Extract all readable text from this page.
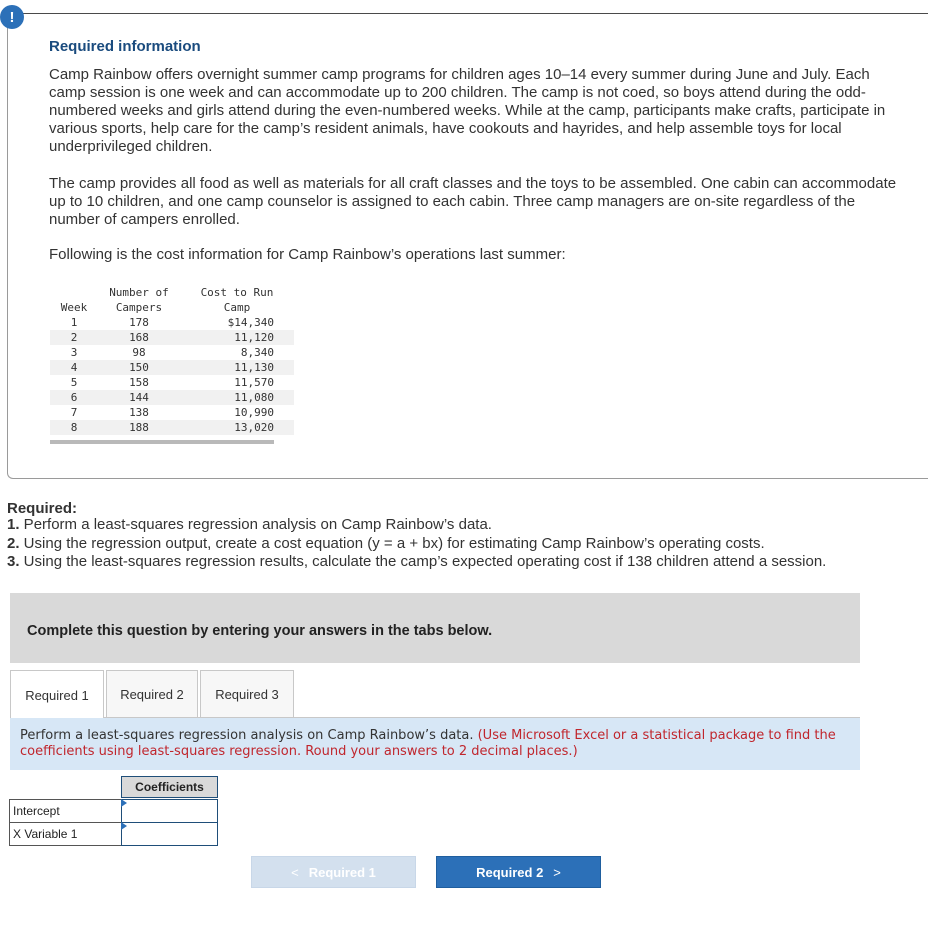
!
Required information

Camp Rainbow offers overnight summer camp programs for children ages 10–14 every summer during June and July. Each camp session is one week and can accommodate up to 200 children. The camp is not coed, so boys attend during the odd-numbered weeks and girls attend during the even-numbered weeks. While at the camp, participants make crafts, participate in various sports, help care for the camp’s resident animals, have cookouts and hayrides, and help assemble toys for local underprivileged children.

The camp provides all food as well as materials for all craft classes and the toys to be assembled. One cabin can accommodate up to 10 children, and one camp counselor is assigned to each cabin. Three camp managers are on-site regardless of the number of campers enrolled.

Following is the cost information for Camp Rainbow’s operations last summer:

Week	Number of	Cost to Run
	Campers	Camp
1	178	$14,340
2	168	11,120
3	98	8,340
4	150	11,130
5	158	11,570
6	144	11,080
7	138	10,990
8	188	13,020
Required:
1. Perform a least-squares regression analysis on Camp Rainbow’s data.
2. Using the regression output, create a cost equation (y = a + bx) for estimating Camp Rainbow’s operating costs.
3. Using the least-squares regression results, calculate the camp’s expected operating cost if 138 children attend a session.
Complete this question by entering your answers in the tabs below.
Required 1	Required 2	Required 3
Perform a least-squares regression analysis on Camp Rainbow’s data. (Use Microsoft Excel or a statistical package to find the coefficients using least-squares regression. Round your answers to 2 decimal places.)
Coefficients
Intercept
X Variable 1
< Required 1	Required 2 >
